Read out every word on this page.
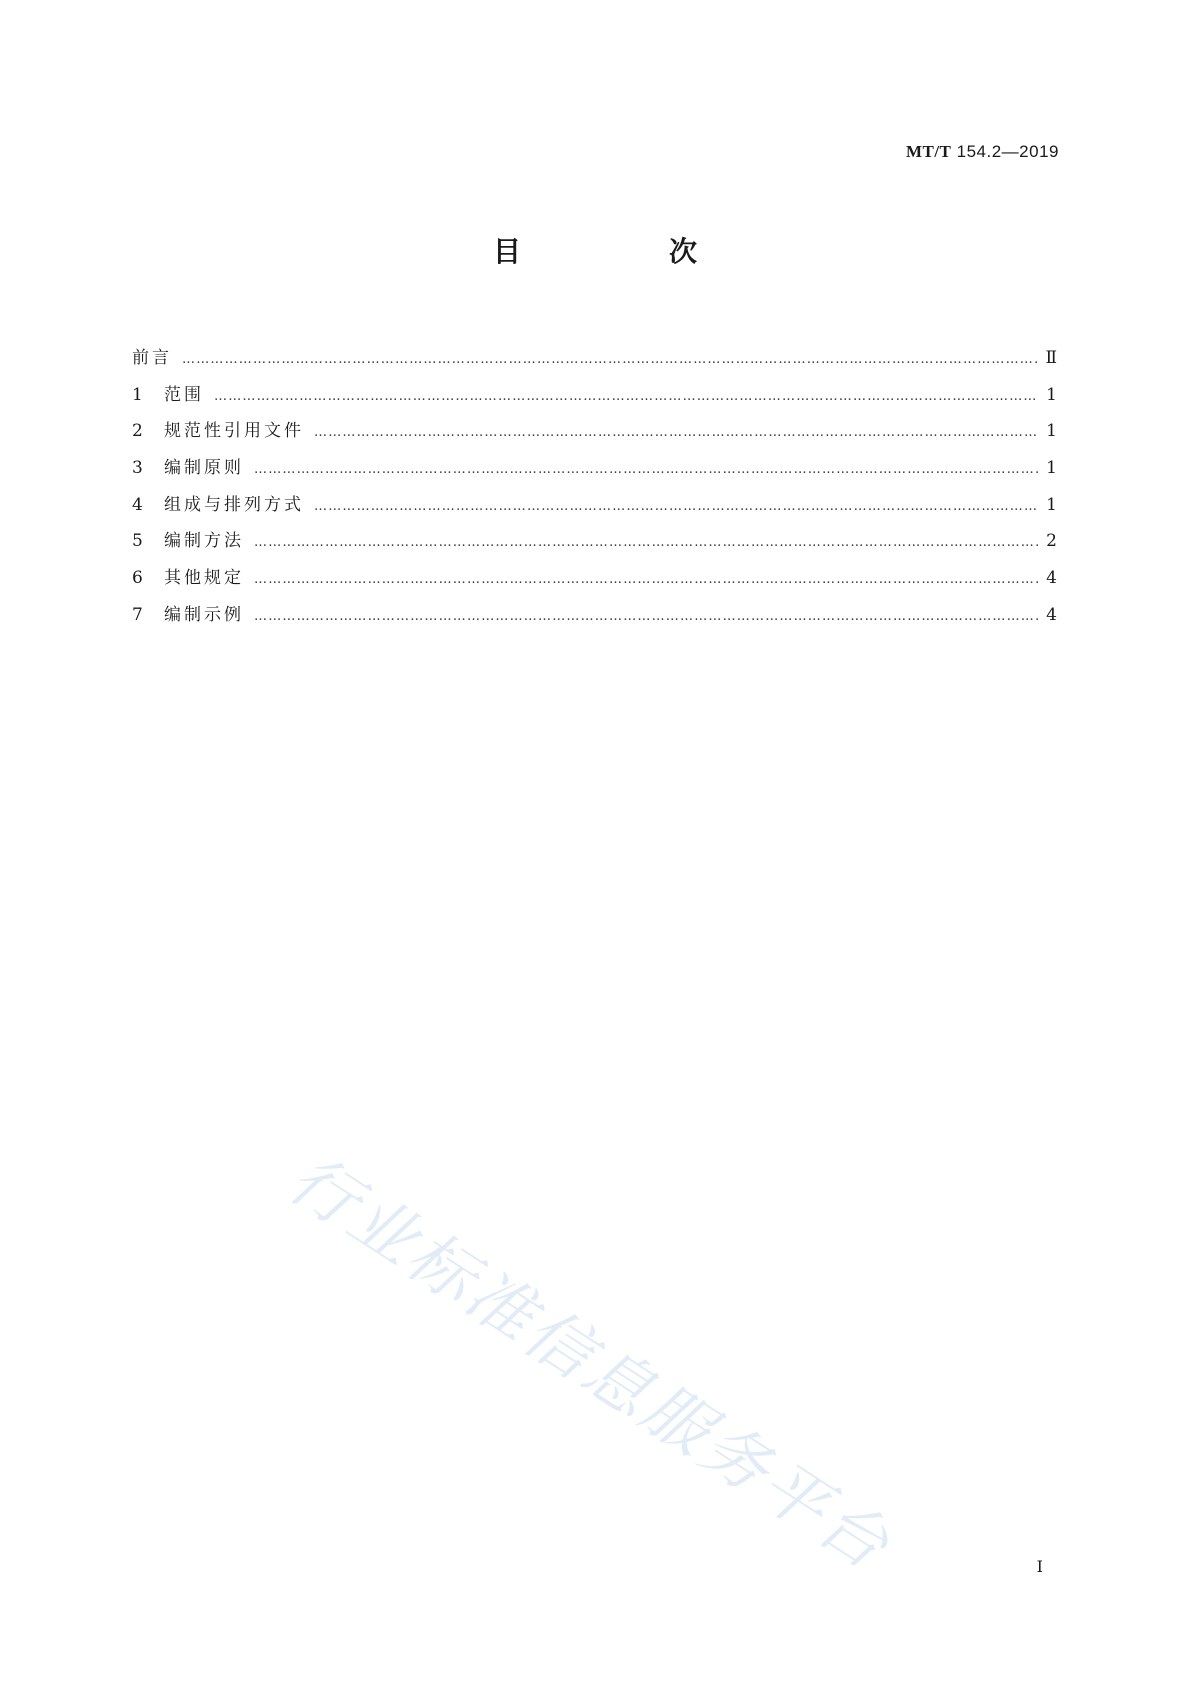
MT/T 154.2—2019
目　次
前言 ……………………………………………………………………………………………………………………………………………………………………………………………………	Ⅱ
1	范围 ……………………………………………………………………………………………………………………………………………………………………………………………………	1
2	规范性引用文件 ……………………………………………………………………………………………………………………………………………………………………………………………………	1
3	编制原则 ……………………………………………………………………………………………………………………………………………………………………………………………………	1
4	组成与排列方式 ……………………………………………………………………………………………………………………………………………………………………………………………………	1
5	编制方法 ……………………………………………………………………………………………………………………………………………………………………………………………………	2
6	其他规定 ……………………………………………………………………………………………………………………………………………………………………………………………………	4
7	编制示例 ……………………………………………………………………………………………………………………………………………………………………………………………………	4
行业标准信息服务平台	Ⅰ
